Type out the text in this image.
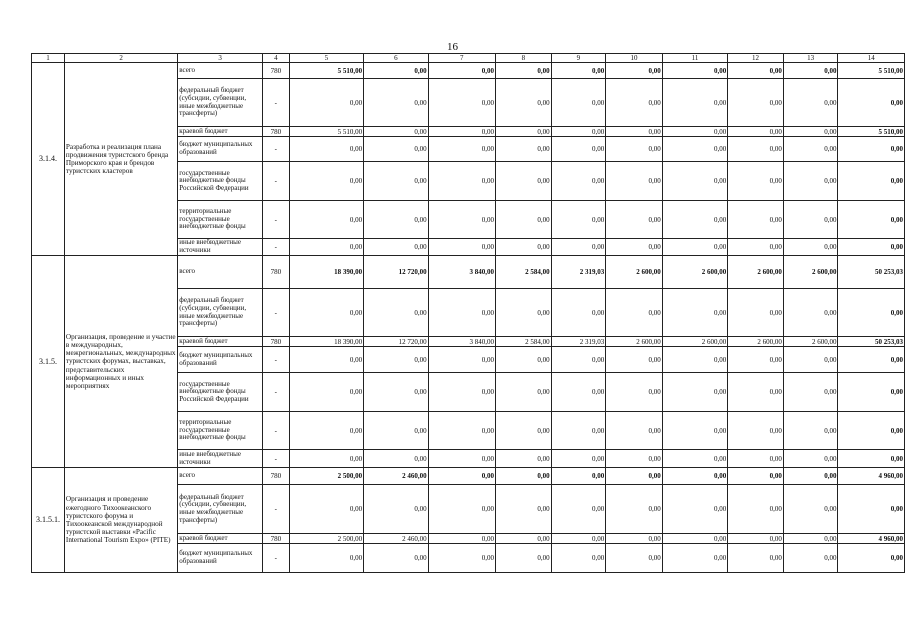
16
1	2	3	4	5	6	7	8	9	10	11	12	13	14
3.1.4.	Разработка и реализация плана продвижения туристского бренда Приморского края и брендов туристских кластеров	всего	780	5 510,00	0,00	0,00	0,00	0,00	0,00	0,00	0,00	0,00	5 510,00
		федеральный бюджет (субсидии, субвенции, иные межбюджетные трансферты)	-	0,00	0,00	0,00	0,00	0,00	0,00	0,00	0,00	0,00	0,00
		краевой бюджет	780	5 510,00	0,00	0,00	0,00	0,00	0,00	0,00	0,00	0,00	5 510,00
		бюджет муниципальных образований	-	0,00	0,00	0,00	0,00	0,00	0,00	0,00	0,00	0,00	0,00
		государственные внебюджетные фонды Российской Федерации	-	0,00	0,00	0,00	0,00	0,00	0,00	0,00	0,00	0,00	0,00
		территориальные государственные внебюджетные фонды	-	0,00	0,00	0,00	0,00	0,00	0,00	0,00	0,00	0,00	0,00
		иные внебюджетные источники	-	0,00	0,00	0,00	0,00	0,00	0,00	0,00	0,00	0,00	0,00
3.1.5.	Организация, проведение и участие в международных, межрегиональных, международных туристских форумах, выставках, представительских информационных и иных мероприятиях	всего	780	18 390,00	12 720,00	3 840,00	2 584,00	2 319,03	2 600,00	2 600,00	2 600,00	2 600,00	50 253,03
		федеральный бюджет (субсидии, субвенции, иные межбюджетные трансферты)	-	0,00	0,00	0,00	0,00	0,00	0,00	0,00	0,00	0,00	0,00
		краевой бюджет	780	18 390,00	12 720,00	3 840,00	2 584,00	2 319,03	2 600,00	2 600,00	2 600,00	2 600,00	50 253,03
		бюджет муниципальных образований	-	0,00	0,00	0,00	0,00	0,00	0,00	0,00	0,00	0,00	0,00
		государственные внебюджетные фонды Российской Федерации	-	0,00	0,00	0,00	0,00	0,00	0,00	0,00	0,00	0,00	0,00
		территориальные государственные внебюджетные фонды	-	0,00	0,00	0,00	0,00	0,00	0,00	0,00	0,00	0,00	0,00
		иные внебюджетные источники	-	0,00	0,00	0,00	0,00	0,00	0,00	0,00	0,00	0,00	0,00
3.1.5.1.	Организация и проведение ежегодного Тихоокеанского туристского форума и Тихоокеанской международной туристской выставки «Pacific International Tourism Expo» (PITE)	всего	780	2 500,00	2 460,00	0,00	0,00	0,00	0,00	0,00	0,00	0,00	4 960,00
		федеральный бюджет (субсидии, субвенции, иные межбюджетные трансферты)	-	0,00	0,00	0,00	0,00	0,00	0,00	0,00	0,00	0,00	0,00
		краевой бюджет	780	2 500,00	2 460,00	0,00	0,00	0,00	0,00	0,00	0,00	0,00	4 960,00
		бюджет муниципальных образований	-	0,00	0,00	0,00	0,00	0,00	0,00	0,00	0,00	0,00	0,00
